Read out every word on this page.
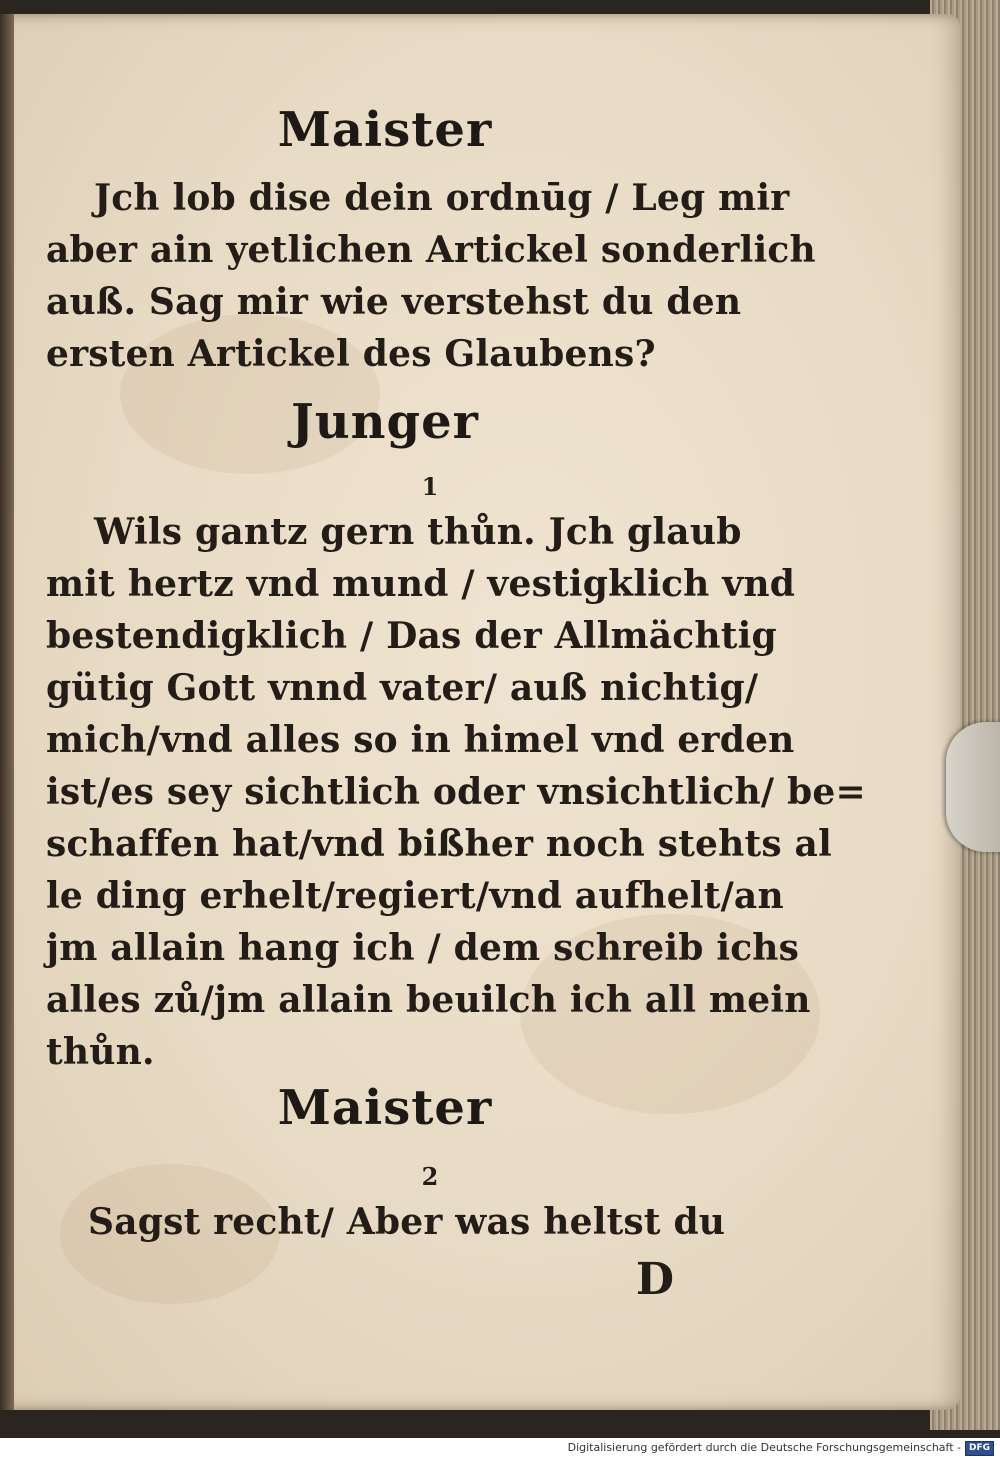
Maister
Jch lob dise dein ordnūg / Leg mir
aber ain yetlichen Artickel sonderlich
auß. Sag mir wie verstehst du den
ersten Artickel des Glaubens?
Junger
1
Wils gantz gern thůn. Jch glaub
mit hertz vnd mund / vestigklich vnd
bestendigklich / Das der Allmächtig
gütig Gott vnnd vater/ auß nichtig/
mich/vnd alles so in himel vnd erden
ist/es sey sichtlich oder vnsichtlich/ be=
schaffen hat/vnd bißher noch stehts al
le ding erhelt/regiert/vnd aufhelt/an
jm allain hang ich / dem schreib ichs
alles zů/jm allain beuilch ich all mein
thůn.
Maister
2
Sagst recht/ Aber was heltst du
D
Digitalisierung gefördert durch die Deutsche Forschungsgemeinschaft - DFG
